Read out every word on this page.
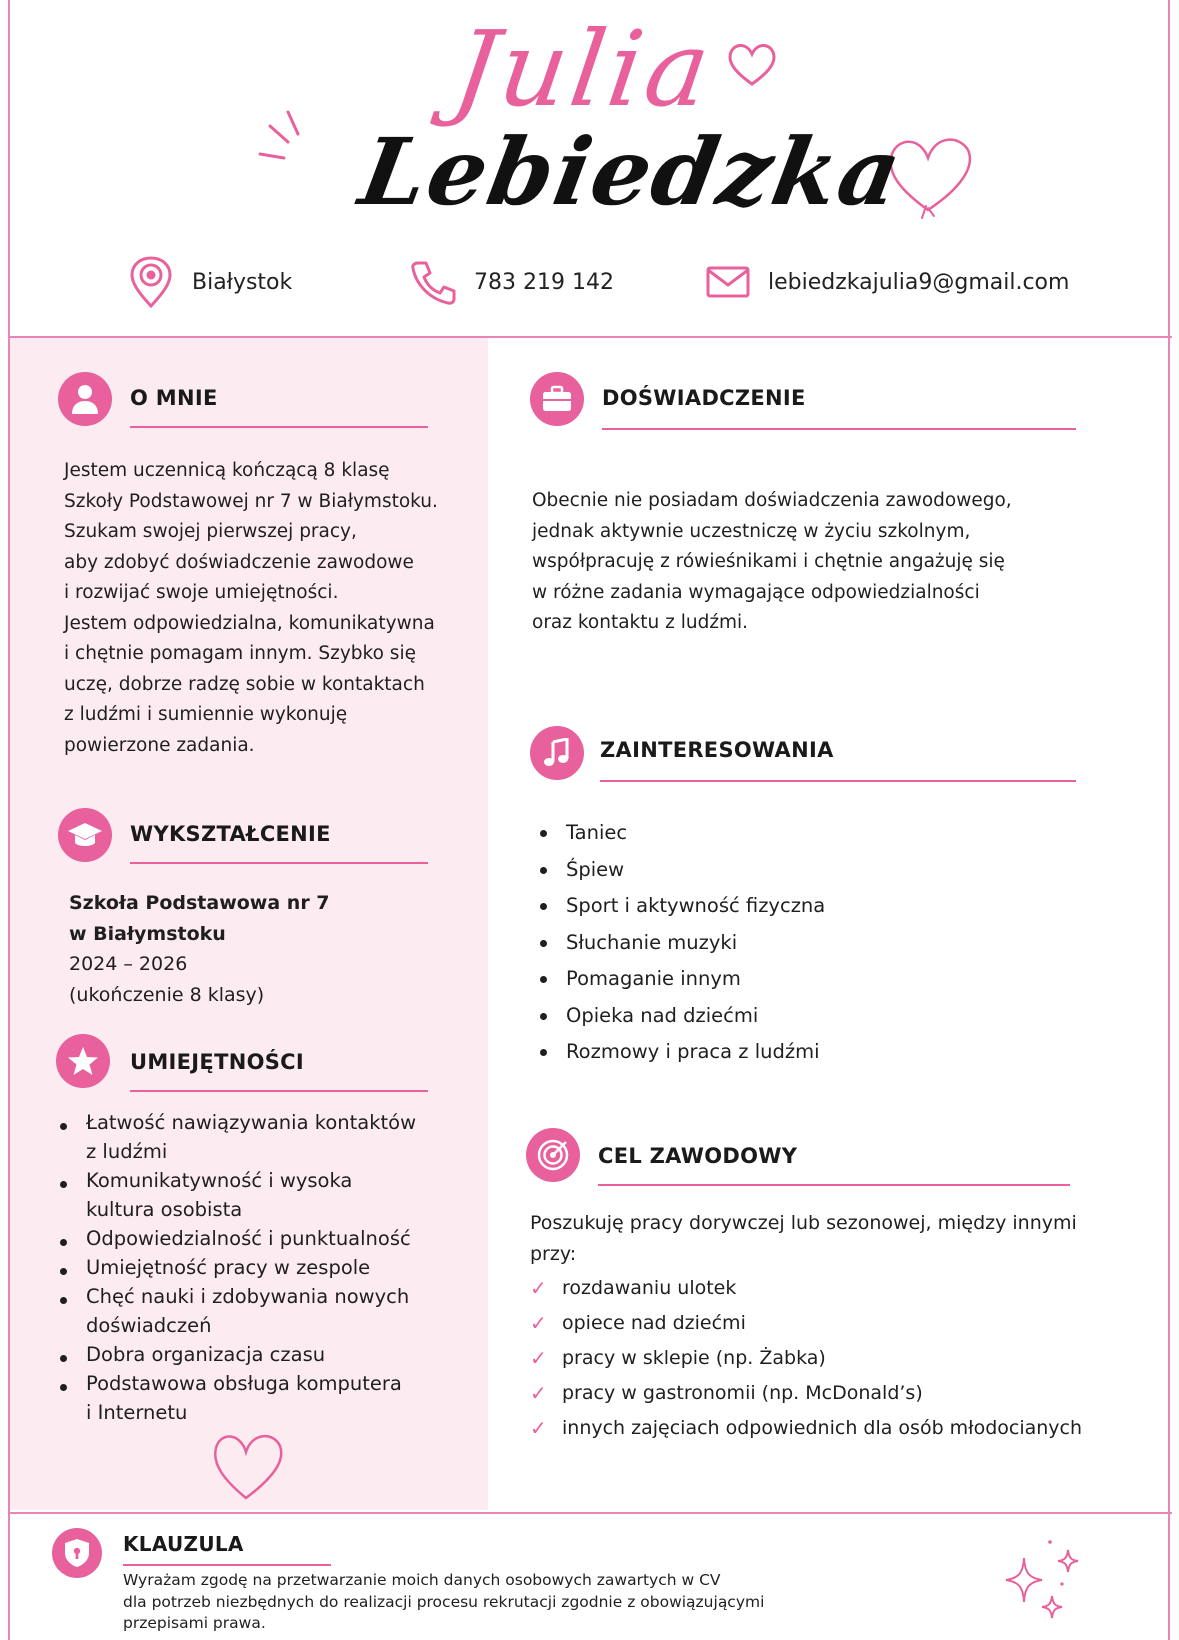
Julia
Lebiedzka
Białystok	783 219 142	lebiedzkajulia9@gmail.com
O MNIE
Jestem uczennicą kończącą 8 klasę
Szkoły Podstawowej nr 7 w Białymstoku.
Szukam swojej pierwszej pracy,
aby zdobyć doświadczenie zawodowe
i rozwijać swoje umiejętności.
Jestem odpowiedzialna, komunikatywna
i chętnie pomagam innym. Szybko się
uczę, dobrze radzę sobie w kontaktach
z ludźmi i sumiennie wykonuję
powierzone zadania.
WYKSZTAŁCENIE
Szkoła Podstawowa nr 7
w Białymstoku
2024 – 2026
(ukończenie 8 klasy)
UMIEJĘTNOŚCI
Łatwość nawiązywania kontaktów
z ludźmi
Komunikatywność i wysoka
kultura osobista
Odpowiedzialność i punktualność
Umiejętność pracy w zespole
Chęć nauki i zdobywania nowych
doświadczeń
Dobra organizacja czasu
Podstawowa obsługa komputera
i Internetu
DOŚWIADCZENIE
Obecnie nie posiadam doświadczenia zawodowego,
jednak aktywnie uczestniczę w życiu szkolnym,
współpracuję z rówieśnikami i chętnie angażuję się
w różne zadania wymagające odpowiedzialności
oraz kontaktu z ludźmi.
ZAINTERESOWANIA
Taniec
Śpiew
Sport i aktywność fizyczna
Słuchanie muzyki
Pomaganie innym
Opieka nad dziećmi
Rozmowy i praca z ludźmi
CEL ZAWODOWY
Poszukuję pracy dorywczej lub sezonowej, między innymi
przy:
✓ rozdawaniu ulotek
✓ opiece nad dziećmi
✓ pracy w sklepie (np. Żabka)
✓ pracy w gastronomii (np. McDonald’s)
✓ innych zajęciach odpowiednich dla osób młodocianych
KLAUZULA
Wyrażam zgodę na przetwarzanie moich danych osobowych zawartych w CV
dla potrzeb niezbędnych do realizacji procesu rekrutacji zgodnie z obowiązującymi
przepisami prawa.
